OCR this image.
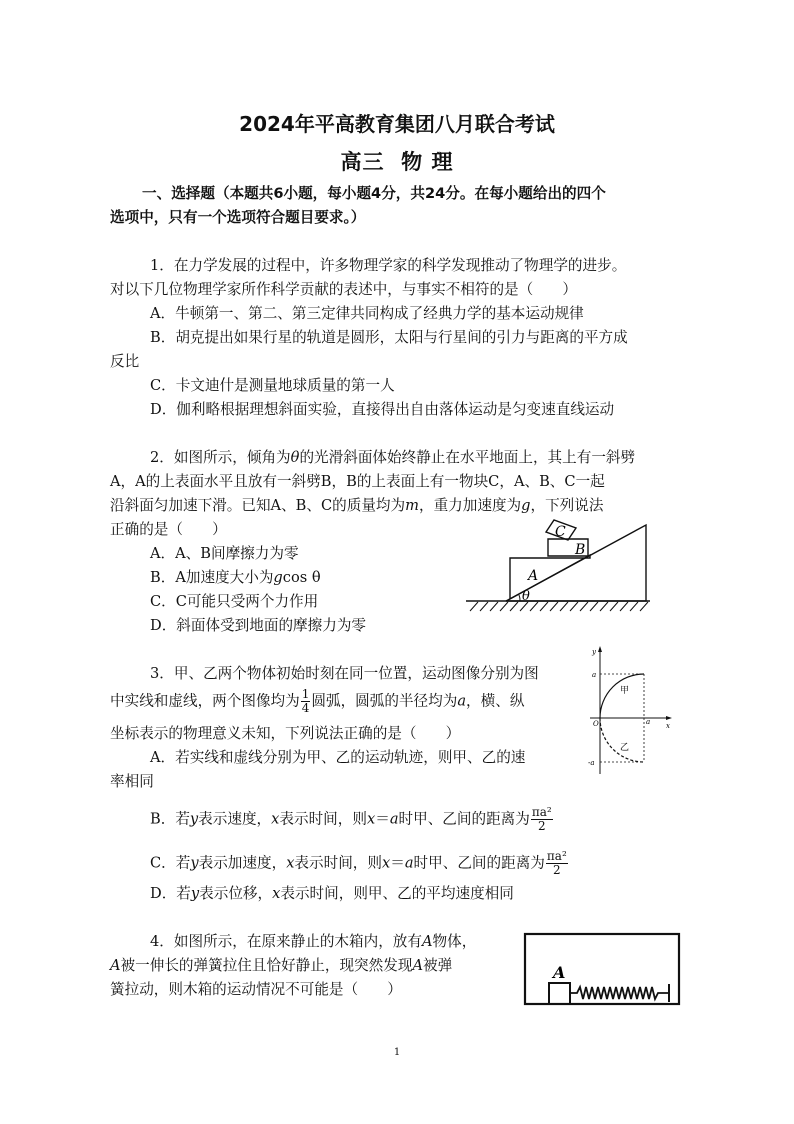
2024年平高教育集团八月联合考试
高三  物 理
一、选择题（本题共6小题，每小题4分，共24分。在每小题给出的四个
选项中，只有一个选项符合题目要求。）
1．在力学发展的过程中，许多物理学家的科学发现推动了物理学的进步。
对以下几位物理学家所作科学贡献的表述中，与事实不相符的是（　　）
A．牛顿第一、第二、第三定律共同构成了经典力学的基本运动规律
B．胡克提出如果行星的轨道是圆形，太阳与行星间的引力与距离的平方成
反比
C．卡文迪什是测量地球质量的第一人
D．伽利略根据理想斜面实验，直接得出自由落体运动是匀变速直线运动
2．如图所示，倾角为θ的光滑斜面体始终静止在水平地面上，其上有一斜劈
A，A的上表面水平且放有一斜劈B，B的上表面上有一物块C，A、B、C一起
沿斜面匀加速下滑。已知A、B、C的质量均为m，重力加速度为g，下列说法
正确的是（　　）
A．A、B间摩擦力为零
B．A加速度大小为gcos θ
C．C可能只受两个力作用
D．斜面体受到地面的摩擦力为零
C
B
A
θ
3．甲、乙两个物体初始时刻在同一位置，运动图像分别为图
中实线和虚线，两个图像均为 $\frac{1}{4}$ 圆弧，圆弧的半径均为a，横、纵
坐标表示的物理意义未知，下列说法正确的是（　　）
A．若实线和虚线分别为甲、乙的运动轨迹，则甲、乙的速
率相同
B．若y表示速度，x表示时间，则x＝a时甲、乙间的距离为 $\frac{\text{πa²}}{2}$
C．若y表示加速度，x表示时间，则x＝a时甲、乙间的距离为 $\frac{\text{πa²}}{2}$
D．若y表示位移，x表示时间，则甲、乙的平均速度相同
y
x
a
a
-a
O
甲
乙
4．如图所示，在原来静止的木箱内，放有A物体，
A被一伸长的弹簧拉住且恰好静止，现突然发现A被弹
簧拉动，则木箱的运动情况不可能是（　　）
A
1
